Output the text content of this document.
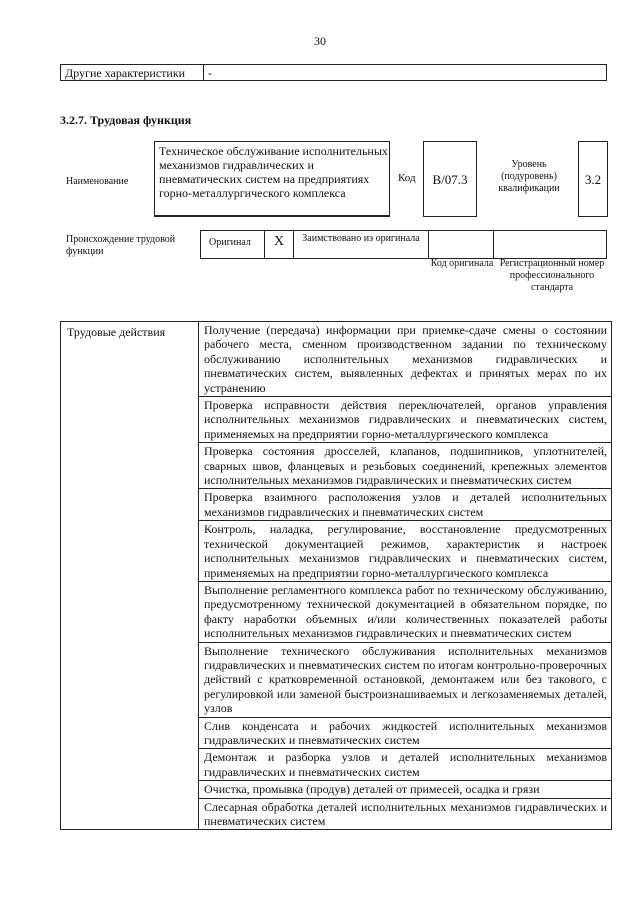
30
Другие характеристики	-
3.2.7. Трудовая функция
Наименование
Техническое обслуживание исполнительных механизмов гидравлических и пневматических систем на предприятиях горно-металлургического комплекса
Код	B/07.3
Уровень (подуровень) квалификации
3.2
Происхождение трудовой функции
Оригинал	X	Заимствовано из оригинала		
Код оригинала Регистрационный номер профессионального стандарта
Трудовые действия	Получение (передача) информации при приемке-сдаче смены о состоянии рабочего места, сменном производственном задании по техническому обслуживанию исполнительных механизмов гидравлических и пневматических систем, выявленных дефектах и принятых мерах по их устранению
Проверка исправности действия переключателей, органов управления исполнительных механизмов гидравлических и пневматических систем, применяемых на предприятии горно-металлургического комплекса
Проверка состояния дросселей, клапанов, подшипников, уплотнителей, сварных швов, фланцевых и резьбовых соединений, крепежных элементов исполнительных механизмов гидравлических и пневматических систем
Проверка взаимного расположения узлов и деталей исполнительных механизмов гидравлических и пневматических систем
Контроль, наладка, регулирование, восстановление предусмотренных технической документацией режимов, характеристик и настроек исполнительных механизмов гидравлических и пневматических систем, применяемых на предприятии горно-металлургического комплекса
Выполнение регламентного комплекса работ по техническому обслуживанию, предусмотренному технической документацией в обязательном порядке, по факту наработки объемных и/или количественных показателей работы исполнительных механизмов гидравлических и пневматических систем
Выполнение технического обслуживания исполнительных механизмов гидравлических и пневматических систем по итогам контрольно-проверочных действий с кратковременной остановкой, демонтажем или без такового, с регулировкой или заменой быстроизнашиваемых и легкозаменяемых деталей, узлов
Слив конденсата и рабочих жидкостей исполнительных механизмов гидравлических и пневматических систем
Демонтаж и разборка узлов и деталей исполнительных механизмов гидравлических и пневматических систем
Очистка, промывка (продув) деталей от примесей, осадка и грязи
Слесарная обработка деталей исполнительных механизмов гидравлических и пневматических систем
